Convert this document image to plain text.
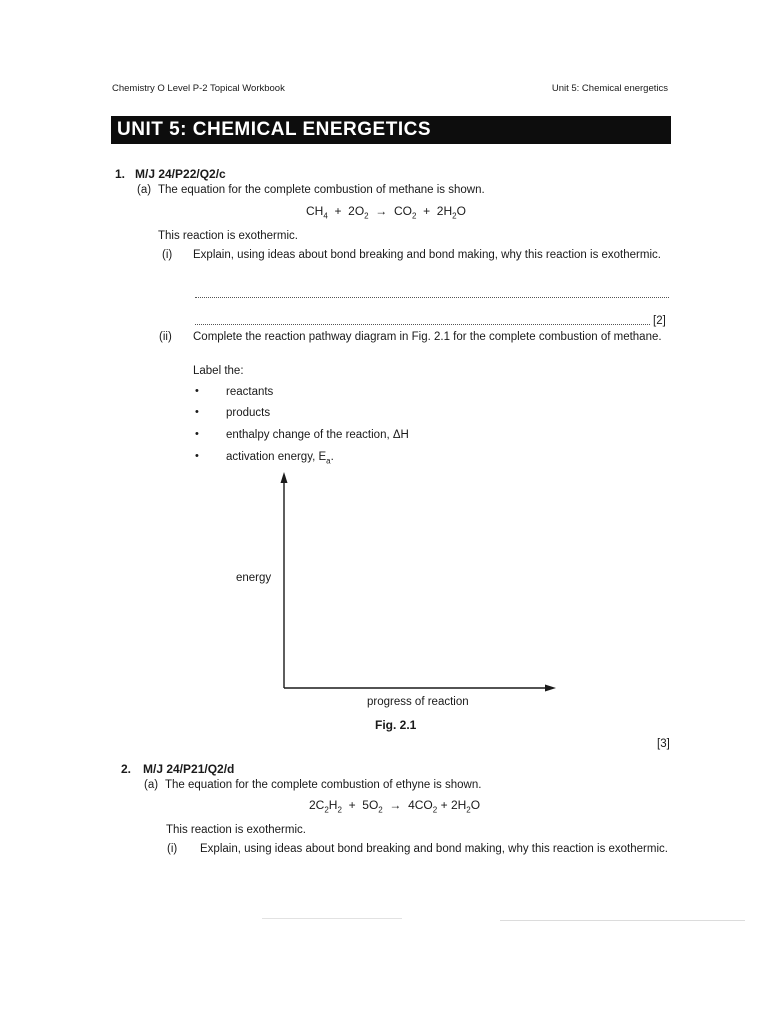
Chemistry O Level P-2 Topical Workbook	Unit 5: Chemical energetics
UNIT 5: CHEMICAL ENERGETICS
1. M/J 24/P22/Q2/c
(a) The equation for the complete combustion of methane is shown.
$CH_4 + 2O_2 \to CO_2 + 2H_2O$
This reaction is exothermic.
(i) Explain, using ideas about bond breaking and bond making, why this reaction is exothermic.
[2]
(ii) Complete the reaction pathway diagram in Fig. 2.1 for the complete combustion of methane.
Label the:
• reactants
• products
• enthalpy change of the reaction, ΔH
• activation energy, $E_a$.
energy
progress of reaction
Fig. 2.1
[3]
2. M/J 24/P21/Q2/d
(a) The equation for the complete combustion of ethyne is shown.
$2C_2H_2 + 5O_2 \to 4CO_2 + 2H_2O$
This reaction is exothermic.
(i) Explain, using ideas about bond breaking and bond making, why this reaction is exothermic.
